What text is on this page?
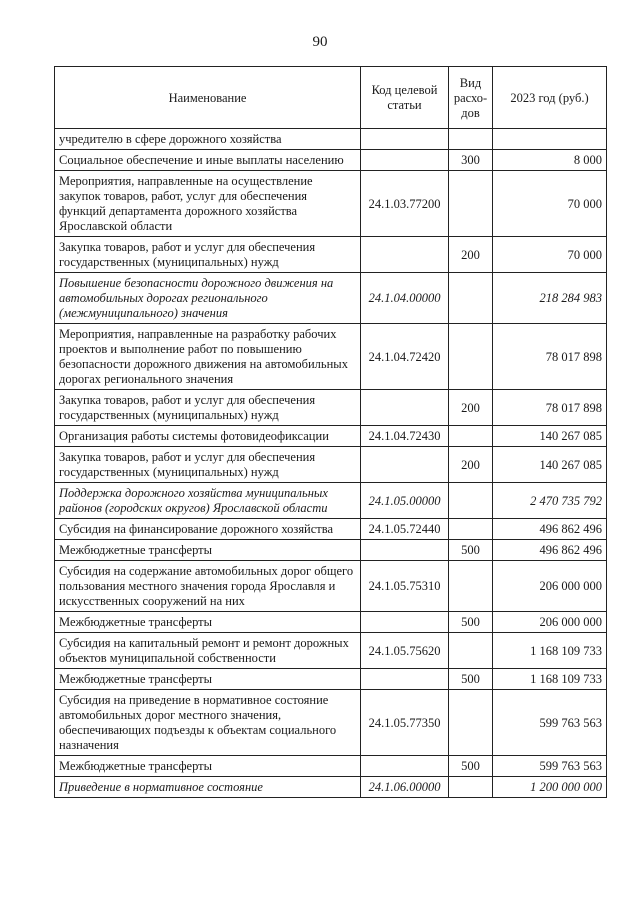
90
Наименование	Код целевой статьи	Вид расхо-дов	2023 год (руб.)
учредителю в сфере дорожного хозяйства			
Социальное обеспечение и иные выплаты населению		300	8 000
Мероприятия, направленные на осуществление закупок товаров, работ, услуг для обеспечения функций департамента дорожного хозяйства Ярославской области	24.1.03.77200		70 000
Закупка товаров, работ и услуг для обеспечения государственных (муниципальных) нужд		200	70 000
Повышение безопасности дорожного движения на автомобильных дорогах регионального (межмуниципального) значения	24.1.04.00000		218 284 983
Мероприятия, направленные на разработку рабочих проектов и выполнение работ по повышению безопасности дорожного движения на автомобильных дорогах регионального значения	24.1.04.72420		78 017 898
Закупка товаров, работ и услуг для обеспечения государственных (муниципальных) нужд		200	78 017 898
Организация работы системы фотовидеофиксации	24.1.04.72430		140 267 085
Закупка товаров, работ и услуг для обеспечения государственных (муниципальных) нужд		200	140 267 085
Поддержка дорожного хозяйства муниципальных районов (городских округов) Ярославской области	24.1.05.00000		2 470 735 792
Субсидия на финансирование дорожного хозяйства	24.1.05.72440		496 862 496
Межбюджетные трансферты		500	496 862 496
Субсидия на содержание автомобильных дорог общего пользования местного значения города Ярославля и искусственных сооружений на них	24.1.05.75310		206 000 000
Межбюджетные трансферты		500	206 000 000
Субсидия на капитальный ремонт и ремонт дорожных объектов муниципальной собственности	24.1.05.75620		1 168 109 733
Межбюджетные трансферты		500	1 168 109 733
Субсидия на приведение в нормативное состояние автомобильных дорог местного значения, обеспечивающих подъезды к объектам социального назначения	24.1.05.77350		599 763 563
Межбюджетные трансферты		500	599 763 563
Приведение в нормативное состояние	24.1.06.00000		1 200 000 000
